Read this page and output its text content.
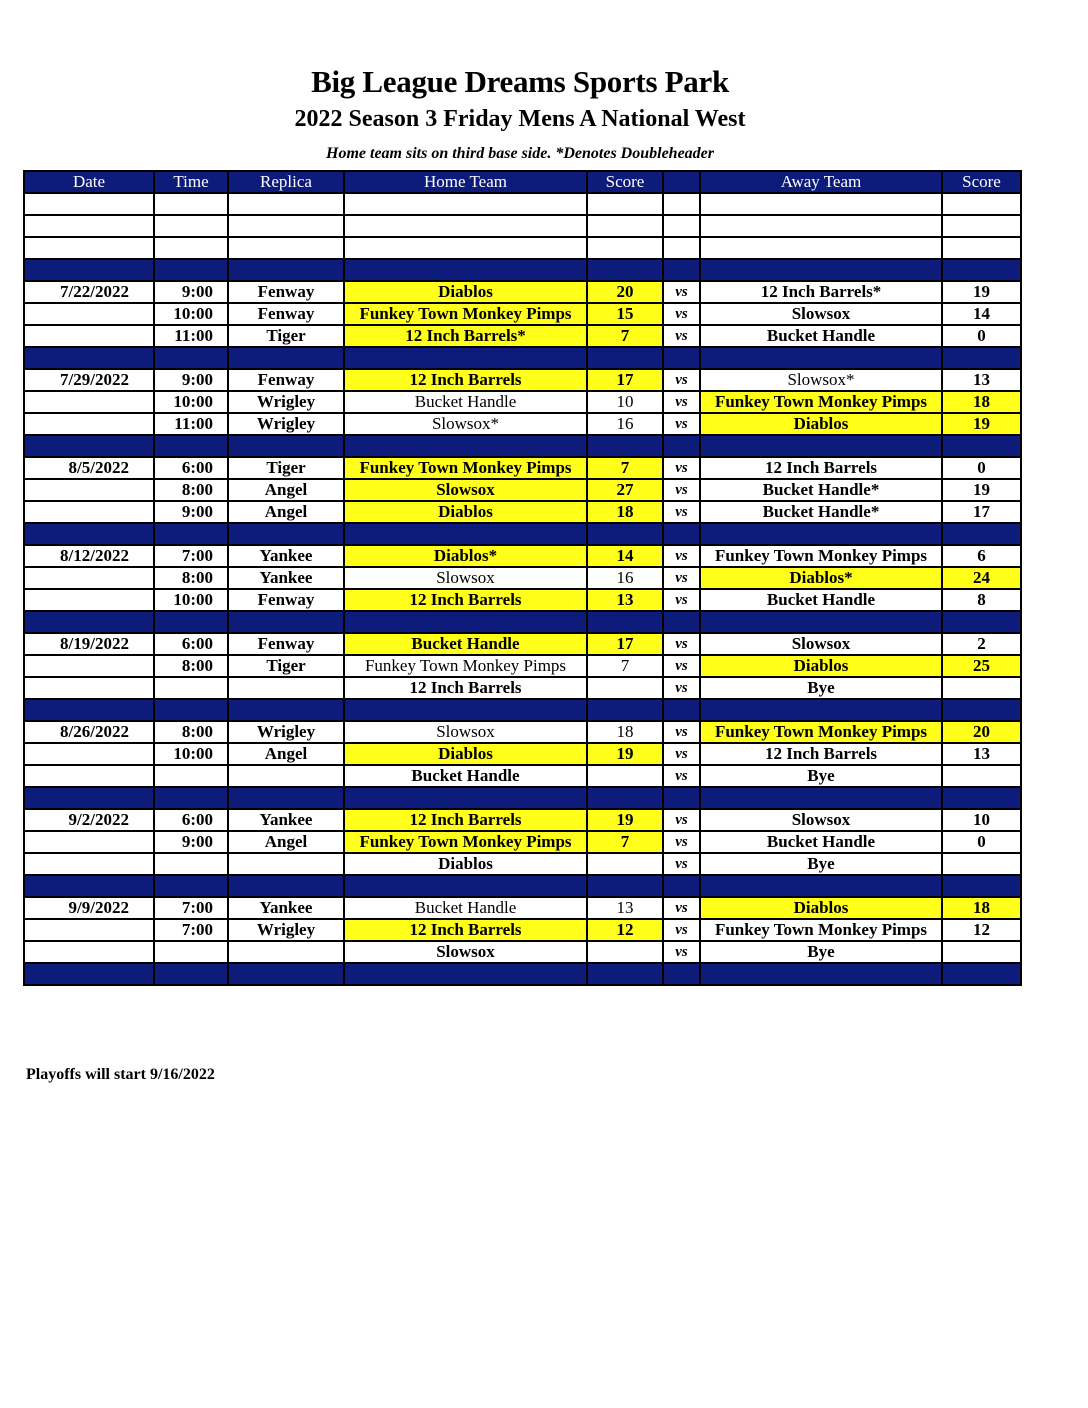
Big League Dreams Sports Park
2022 Season 3 Friday Mens A National West
Home team sits on third base side. *Denotes Doubleheader
Date	Time	Replica	Home Team	Score		Away Team	Score

7/22/2022	9:00	Fenway	Diablos	20	vs	12 Inch Barrels*	19
	10:00	Fenway	Funkey Town Monkey Pimps	15	vs	Slowsox	14
	11:00	Tiger	12 Inch Barrels*	7	vs	Bucket Handle	0

7/29/2022	9:00	Fenway	12 Inch Barrels	17	vs	Slowsox*	13
	10:00	Wrigley	Bucket Handle	10	vs	Funkey Town Monkey Pimps	18
	11:00	Wrigley	Slowsox*	16	vs	Diablos	19

8/5/2022	6:00	Tiger	Funkey Town Monkey Pimps	7	vs	12 Inch Barrels	0
	8:00	Angel	Slowsox	27	vs	Bucket Handle*	19
	9:00	Angel	Diablos	18	vs	Bucket Handle*	17

8/12/2022	7:00	Yankee	Diablos*	14	vs	Funkey Town Monkey Pimps	6
	8:00	Yankee	Slowsox	16	vs	Diablos*	24
	10:00	Fenway	12 Inch Barrels	13	vs	Bucket Handle	8

8/19/2022	6:00	Fenway	Bucket Handle	17	vs	Slowsox	2
	8:00	Tiger	Funkey Town Monkey Pimps	7	vs	Diablos	25
			12 Inch Barrels		vs	Bye	

8/26/2022	8:00	Wrigley	Slowsox	18	vs	Funkey Town Monkey Pimps	20
	10:00	Angel	Diablos	19	vs	12 Inch Barrels	13
			Bucket Handle		vs	Bye	

9/2/2022	6:00	Yankee	12 Inch Barrels	19	vs	Slowsox	10
	9:00	Angel	Funkey Town Monkey Pimps	7	vs	Bucket Handle	0
			Diablos		vs	Bye	

9/9/2022	7:00	Yankee	Bucket Handle	13	vs	Diablos	18
	7:00	Wrigley	12 Inch Barrels	12	vs	Funkey Town Monkey Pimps	12
			Slowsox		vs	Bye	

Playoffs will start 9/16/2022
